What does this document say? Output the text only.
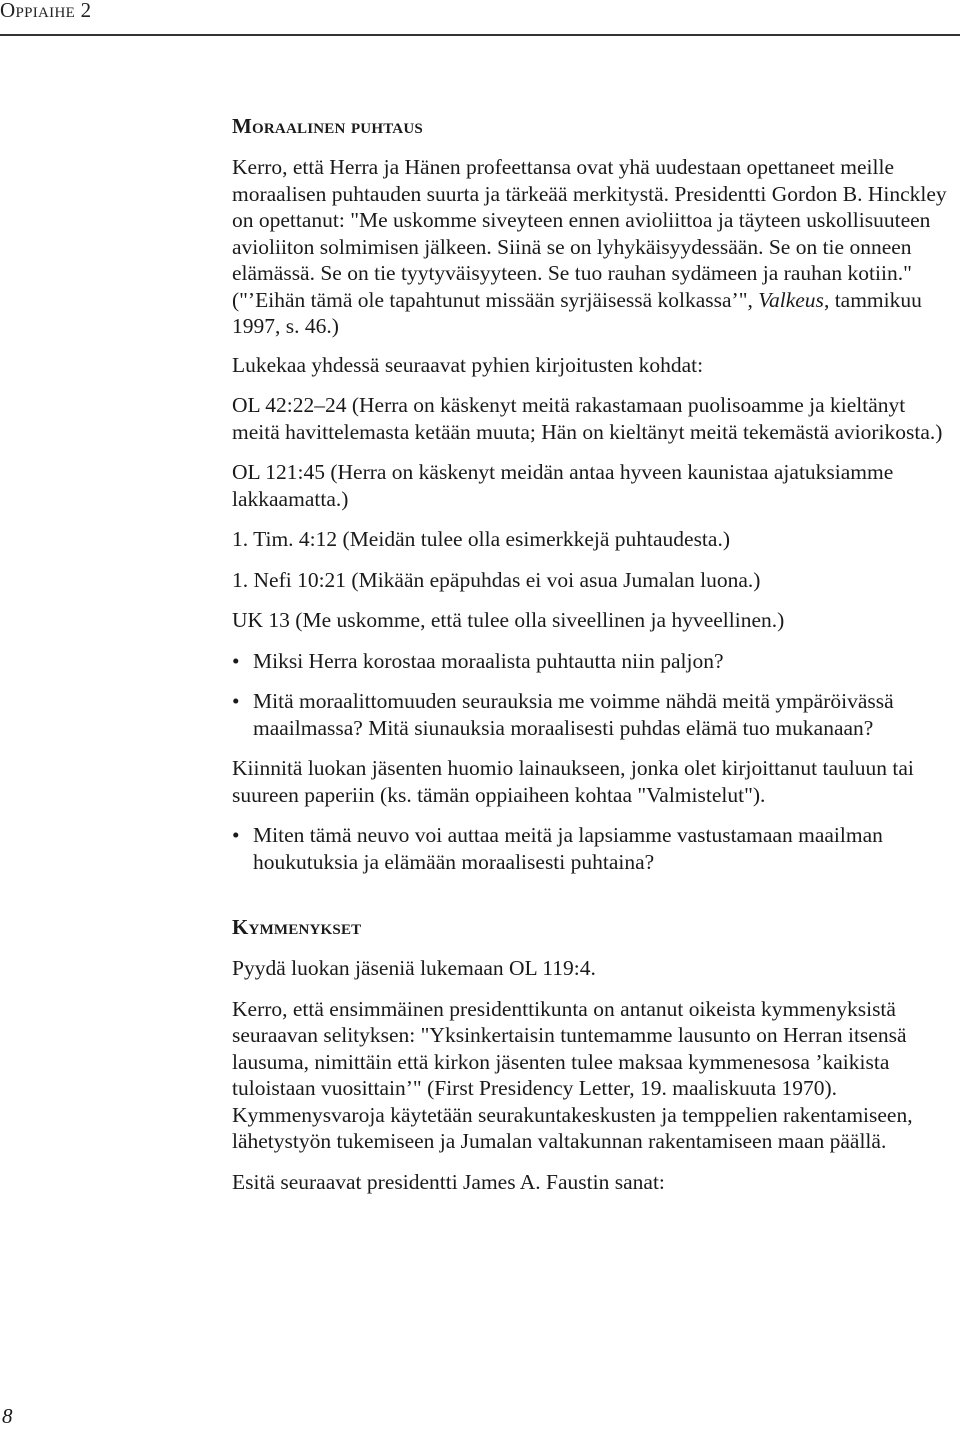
Oppiaihe 2
Moraalinen puhtaus

Kerro, että Herra ja Hänen profeettansa ovat yhä uudestaan opettaneet meille moraalisen puhtauden suurta ja tärkeää merkitystä. Presidentti Gordon B. Hinckley on opettanut: "Me uskomme siveyteen ennen avioliittoa ja täyteen uskollisuuteen avioliiton solmimisen jälkeen. Siinä se on lyhykäisyydessään. Se on tie onneen elämässä. Se on tie tyytyväisyyteen. Se tuo rauhan sydämeen ja rauhan kotiin." ("’Eihän tämä ole tapahtunut missään syrjäisessä kolkassa’", Valkeus, tammikuu 1997, s. 46.)

Lukekaa yhdessä seuraavat pyhien kirjoitusten kohdat:

OL 42:22–24 (Herra on käskenyt meitä rakastamaan puolisoamme ja kieltänyt meitä havittelemasta ketään muuta; Hän on kieltänyt meitä tekemästä aviorikosta.)

OL 121:45 (Herra on käskenyt meidän antaa hyveen kaunistaa ajatuksiamme lakkaamatta.)

1. Tim. 4:12 (Meidän tulee olla esimerkkejä puhtaudesta.)

1. Nefi 10:21 (Mikään epäpuhdas ei voi asua Jumalan luona.)

UK 13 (Me uskomme, että tulee olla siveellinen ja hyveellinen.)

• Miksi Herra korostaa moraalista puhtautta niin paljon?

• Mitä moraalittomuuden seurauksia me voimme nähdä meitä ympäröivässä maailmassa? Mitä siunauksia moraalisesti puhdas elämä tuo mukanaan?

Kiinnitä luokan jäsenten huomio lainaukseen, jonka olet kirjoittanut tauluun tai suureen paperiin (ks. tämän oppiaiheen kohtaa "Valmistelut").

• Miten tämä neuvo voi auttaa meitä ja lapsiamme vastustamaan maailman houkutuksia ja elämään moraalisesti puhtaina?

Kymmenykset

Pyydä luokan jäseniä lukemaan OL 119:4.

Kerro, että ensimmäinen presidenttikunta on antanut oikeista kymmenyksistä seuraavan selityksen: "Yksinkertaisin tuntemamme lausunto on Herran itsensä lausuma, nimittäin että kirkon jäsenten tulee maksaa kymmenesosa ’kaikista tuloistaan vuosittain’" (First Presidency Letter, 19. maaliskuuta 1970). Kymmenysvaroja käytetään seurakuntakeskusten ja temppelien rakentamiseen, lähetystyön tukemiseen ja Jumalan valtakunnan rakentamiseen maan päällä.

Esitä seuraavat presidentti James A. Faustin sanat:

8
